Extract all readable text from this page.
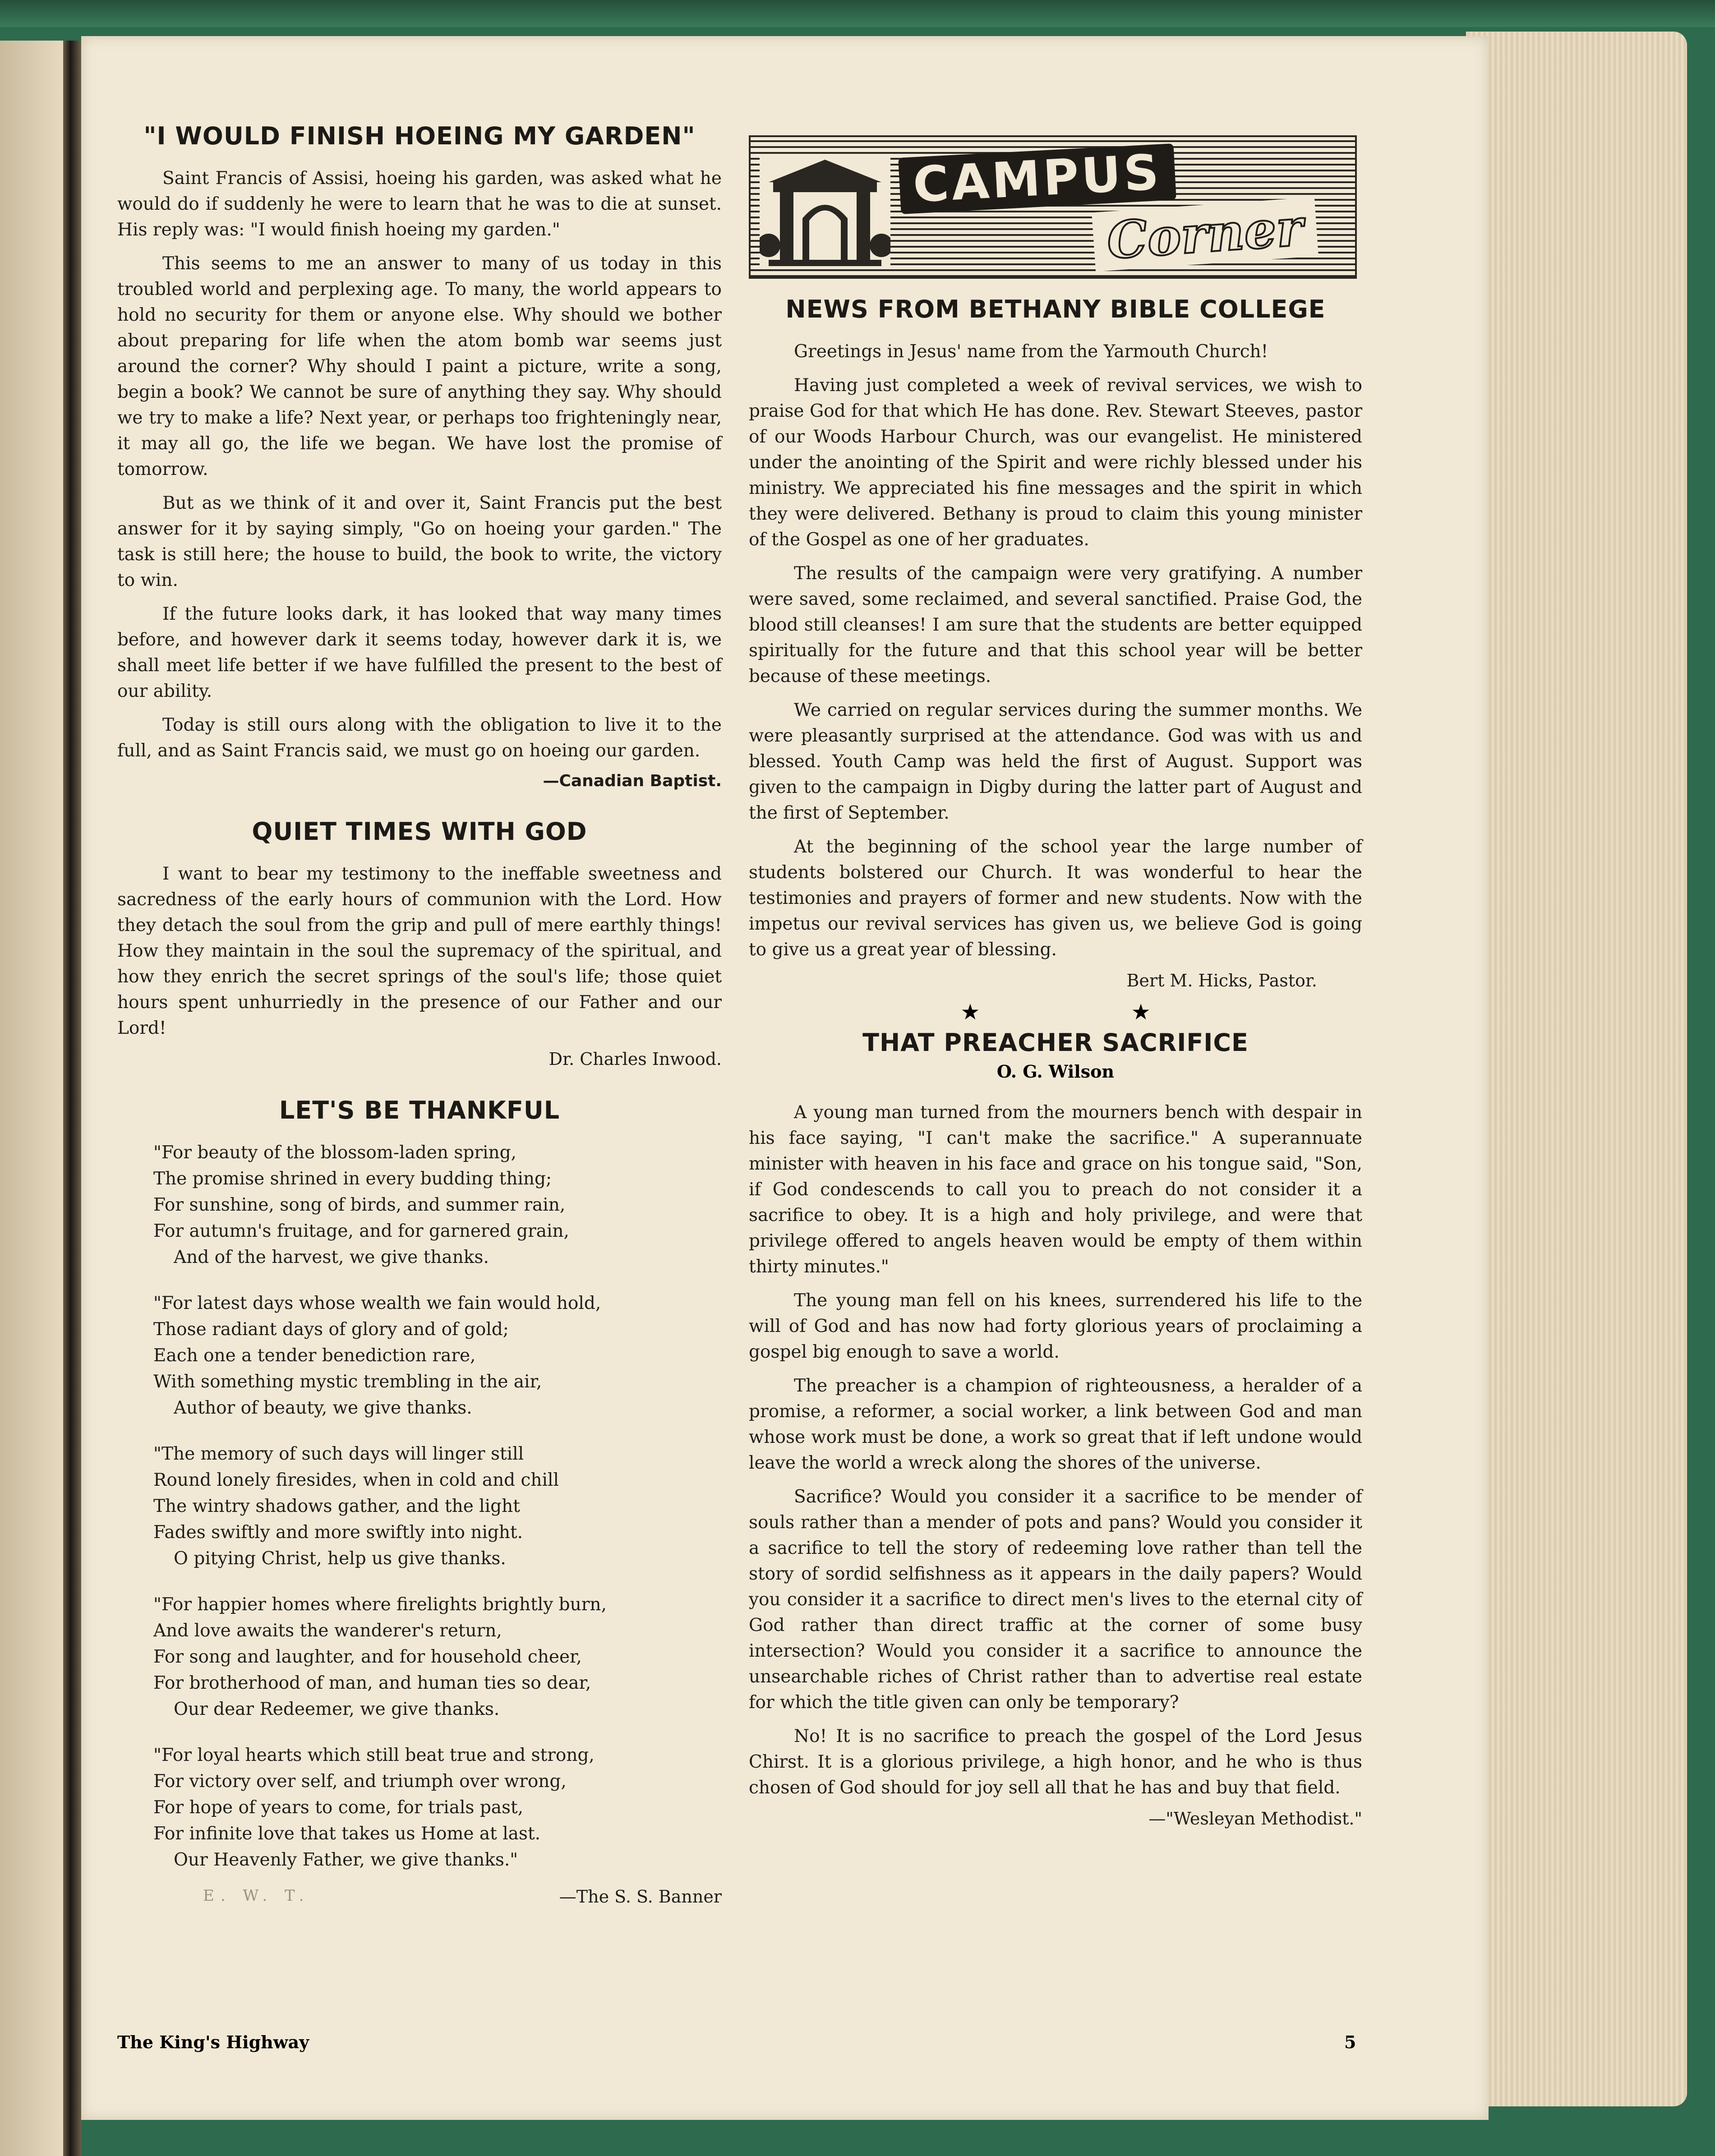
"I WOULD FINISH HOEING MY GARDEN"

Saint Francis of Assisi, hoeing his garden, was asked what he would do if suddenly he were to learn that he was to die at sunset. His reply was: "I would finish hoeing my garden."

This seems to me an answer to many of us today in this troubled world and perplexing age. To many, the world appears to hold no security for them or anyone else. Why should we bother about preparing for life when the atom bomb war seems just around the corner? Why should I paint a picture, write a song, begin a book? We cannot be sure of anything they say. Why should we try to make a life? Next year, or perhaps too frighteningly near, it may all go, the life we began. We have lost the promise of tomorrow.

But as we think of it and over it, Saint Francis put the best answer for it by saying simply, "Go on hoeing your garden." The task is still here; the house to build, the book to write, the victory to win.

If the future looks dark, it has looked that way many times before, and however dark it seems today, however dark it is, we shall meet life better if we have fulfilled the present to the best of our ability.

Today is still ours along with the obligation to live it to the full, and as Saint Francis said, we must go on hoeing our garden.

—Canadian Baptist.
QUIET TIMES WITH GOD

I want to bear my testimony to the ineffable sweetness and sacredness of the early hours of communion with the Lord. How they detach the soul from the grip and pull of mere earthly things! How they maintain in the soul the supremacy of the spiritual, and how they enrich the secret springs of the soul's life; those quiet hours spent unhurriedly in the presence of our Father and our Lord!

Dr. Charles Inwood.
LET'S BE THANKFUL
"For beauty of the blossom-laden spring,
The promise shrined in every budding thing;
For sunshine, song of birds, and summer rain,
For autumn's fruitage, and for garnered grain,
And of the harvest, we give thanks.
"For latest days whose wealth we fain would hold,
Those radiant days of glory and of gold;
Each one a tender benediction rare,
With something mystic trembling in the air,
Author of beauty, we give thanks.
"The memory of such days will linger still
Round lonely firesides, when in cold and chill
The wintry shadows gather, and the light
Fades swiftly and more swiftly into night.
O pitying Christ, help us give thanks.
"For happier homes where firelights brightly burn,
And love awaits the wanderer's return,
For song and laughter, and for household cheer,
For brotherhood of man, and human ties so dear,
Our dear Redeemer, we give thanks.
"For loyal hearts which still beat true and strong,
For victory over self, and triumph over wrong,
For hope of years to come, for trials past,
For infinite love that takes us Home at last.
Our Heavenly Father, we give thanks."
E. W. T.	—The S. S. Banner
CAMPUS
Corner
NEWS FROM BETHANY BIBLE COLLEGE

Greetings in Jesus' name from the Yarmouth Church!

Having just completed a week of revival services, we wish to praise God for that which He has done. Rev. Stewart Steeves, pastor of our Woods Harbour Church, was our evangelist. He ministered under the anointing of the Spirit and were richly blessed under his ministry. We appreciated his fine messages and the spirit in which they were delivered. Bethany is proud to claim this young minister of the Gospel as one of her graduates.

The results of the campaign were very gratifying. A number were saved, some reclaimed, and several sanctified. Praise God, the blood still cleanses! I am sure that the students are better equipped spiritually for the future and that this school year will be better because of these meetings.

We carried on regular services during the summer months. We were pleasantly surprised at the attendance. God was with us and blessed. Youth Camp was held the first of August. Support was given to the campaign in Digby during the latter part of August and the first of September.

At the beginning of the school year the large number of students bolstered our Church. It was wonderful to hear the testimonies and prayers of former and new students. Now with the impetus our revival services has given us, we believe God is going to give us a great year of blessing.

Bert M. Hicks, Pastor.
★ ★
THAT PREACHER SACRIFICE
O. G. Wilson

A young man turned from the mourners bench with despair in his face saying, "I can't make the sacrifice." A superannuate minister with heaven in his face and grace on his tongue said, "Son, if God condescends to call you to preach do not consider it a sacrifice to obey. It is a high and holy privilege, and were that privilege offered to angels heaven would be empty of them within thirty minutes."

The young man fell on his knees, surrendered his life to the will of God and has now had forty glorious years of proclaiming a gospel big enough to save a world.

The preacher is a champion of righteousness, a heralder of a promise, a reformer, a social worker, a link between God and man whose work must be done, a work so great that if left undone would leave the world a wreck along the shores of the universe.

Sacrifice? Would you consider it a sacrifice to be mender of souls rather than a mender of pots and pans? Would you consider it a sacrifice to tell the story of redeeming love rather than tell the story of sordid selfishness as it appears in the daily papers? Would you consider it a sacrifice to direct men's lives to the eternal city of God rather than direct traffic at the corner of some busy intersection? Would you consider it a sacrifice to announce the unsearchable riches of Christ rather than to advertise real estate for which the title given can only be temporary?

No! It is no sacrifice to preach the gospel of the Lord Jesus Chirst. It is a glorious privilege, a high honor, and he who is thus chosen of God should for joy sell all that he has and buy that field.

—"Wesleyan Methodist."
The King's Highway	5
